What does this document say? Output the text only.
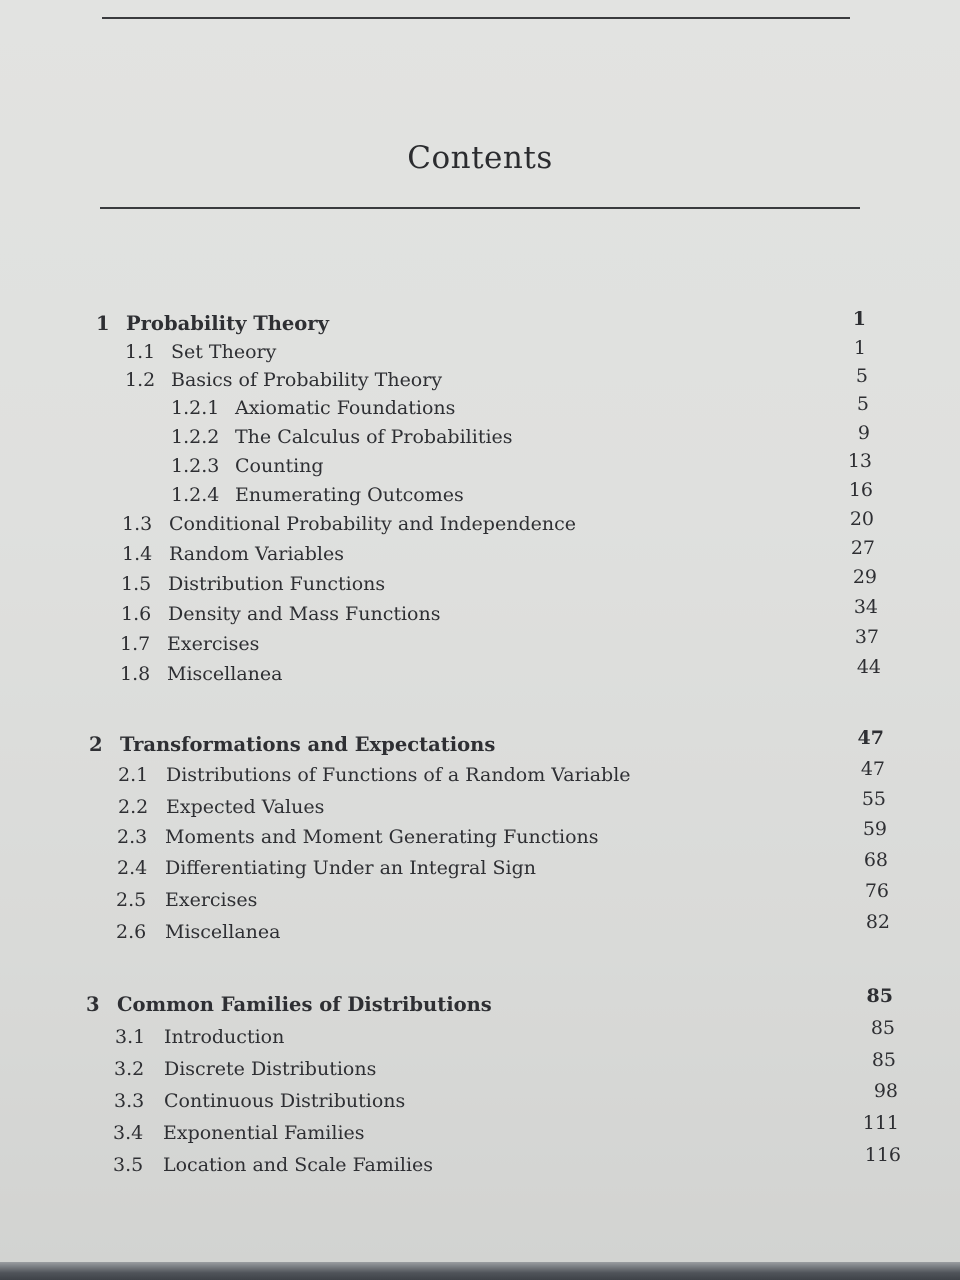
Contents
1 Probability Theory	1
1.1 Set Theory	1
1.2 Basics of Probability Theory	5
1.2.1 Axiomatic Foundations	5
1.2.2 The Calculus of Probabilities	9
1.2.3 Counting	13
1.2.4 Enumerating Outcomes	16
1.3 Conditional Probability and Independence	20
1.4 Random Variables	27
1.5 Distribution Functions	29
1.6 Density and Mass Functions	34
1.7 Exercises	37
1.8 Miscellanea	44
2 Transformations and Expectations	47
2.1 Distributions of Functions of a Random Variable	47
2.2 Expected Values	55
2.3 Moments and Moment Generating Functions	59
2.4 Differentiating Under an Integral Sign	68
2.5 Exercises	76
2.6 Miscellanea	82
3 Common Families of Distributions	85
3.1 Introduction	85
3.2 Discrete Distributions	85
3.3 Continuous Distributions	98
3.4 Exponential Families	111
3.5 Location and Scale Families	116
